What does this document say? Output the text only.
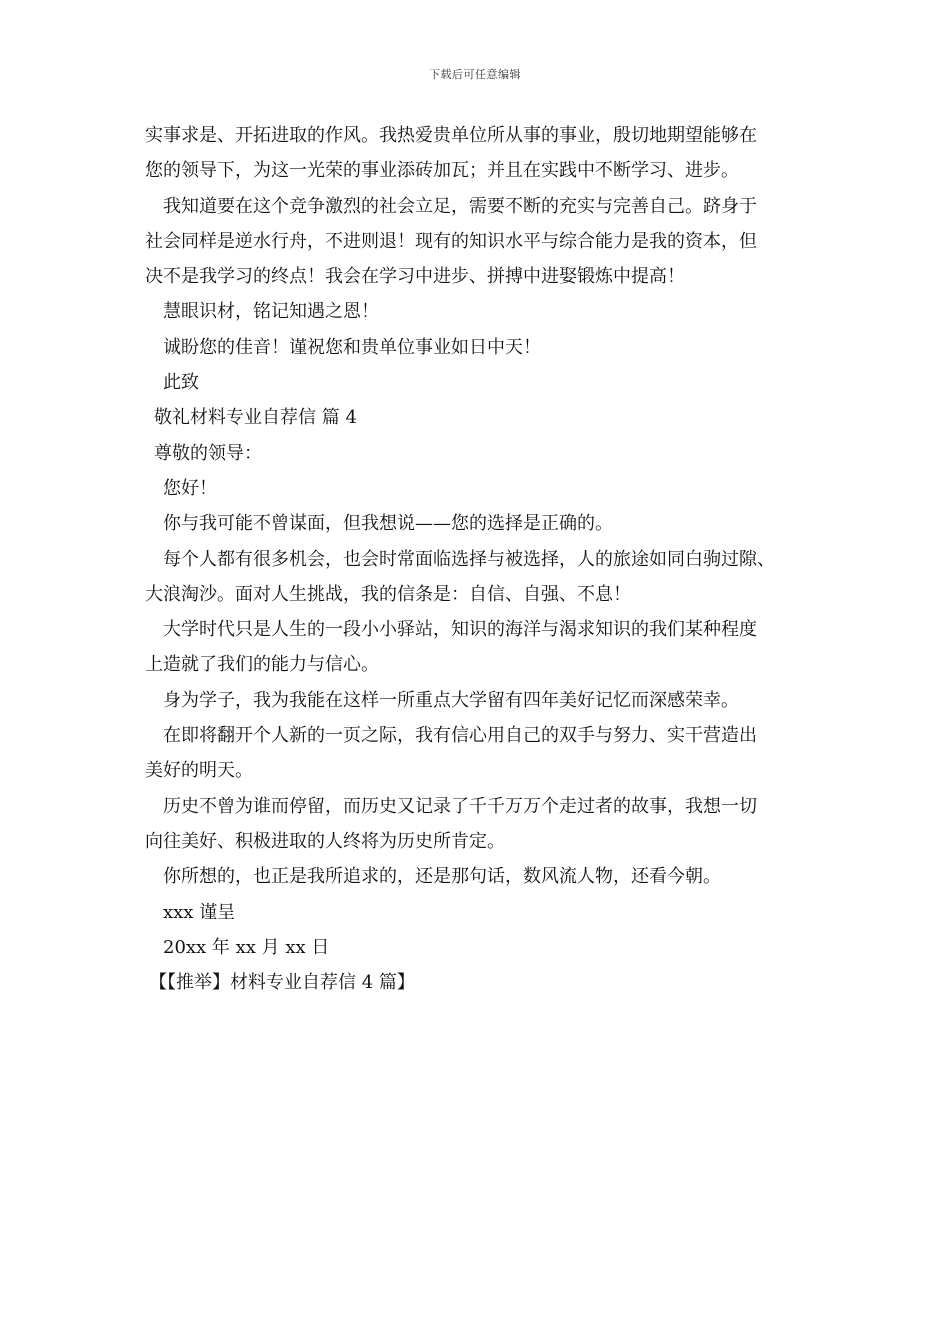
下载后可任意编辑
实事求是、开拓进取的作风。我热爱贵单位所从事的事业，殷切地期望能够在
您的领导下，为这一光荣的事业添砖加瓦；并且在实践中不断学习、进步。
我知道要在这个竞争激烈的社会立足，需要不断的充实与完善自己。跻身于
社会同样是逆水行舟，不进则退！现有的知识水平与综合能力是我的资本，但
决不是我学习的终点！我会在学习中进步、拼搏中进娶锻炼中提高！
慧眼识材，铭记知遇之恩！
诚盼您的佳音！谨祝您和贵单位事业如日中天！
此致
敬礼材料专业自荐信 篇 4
尊敬的领导：
您好！
你与我可能不曾谋面，但我想说——您的选择是正确的。
每个人都有很多机会，也会时常面临选择与被选择，人的旅途如同白驹过隙、
大浪淘沙。面对人生挑战，我的信条是：自信、自强、不息！
大学时代只是人生的一段小小驿站，知识的海洋与渴求知识的我们某种程度
上造就了我们的能力与信心。
身为学子，我为我能在这样一所重点大学留有四年美好记忆而深感荣幸。
在即将翻开个人新的一页之际，我有信心用自己的双手与努力、实干营造出
美好的明天。
历史不曾为谁而停留，而历史又记录了千千万万个走过者的故事，我想一切
向往美好、积极进取的人终将为历史所肯定。
你所想的，也正是我所追求的，还是那句话，数风流人物，还看今朝。
xxx 谨呈
20xx 年 xx 月 xx 日
【【推举】材料专业自荐信 4 篇】
